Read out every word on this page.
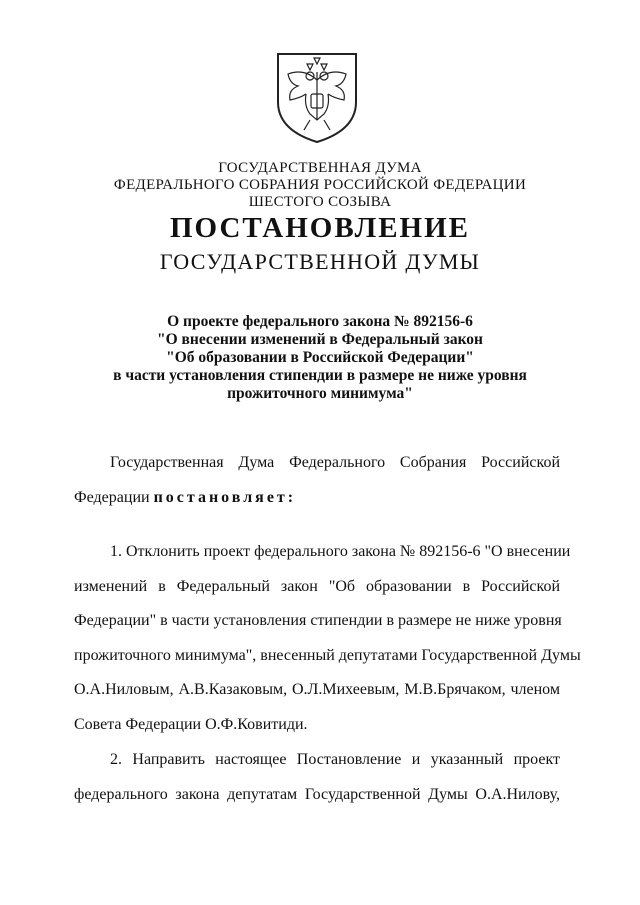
ГОСУДАРСТВЕННАЯ ДУМА
ФЕДЕРАЛЬНОГО СОБРАНИЯ РОССИЙСКОЙ ФЕДЕРАЦИИ
ШЕСТОГО СОЗЫВА
ПОСТАНОВЛЕНИЕ
ГОСУДАРСТВЕННОЙ ДУМЫ
О проекте федерального закона № 892156-6
"О внесении изменений в Федеральный закон
"Об образовании в Российской Федерации"
в части установления стипендии в размере не ниже уровня
прожиточного минимума"
Государственная Дума Федерального Собрания Российской
Федерации постановляет:
1. Отклонить проект федерального закона № 892156-6 "О внесении
изменений в Федеральный закон "Об образовании в Российской
Федерации" в части установления стипендии в размере не ниже уровня
прожиточного минимума", внесенный депутатами Государственной Думы
О.А.Ниловым, А.В.Казаковым, О.Л.Михеевым, М.В.Брячаком, членом
Совета Федерации О.Ф.Ковитиди.
2. Направить настоящее Постановление и указанный проект
федерального закона депутатам Государственной Думы О.А.Нилову,
